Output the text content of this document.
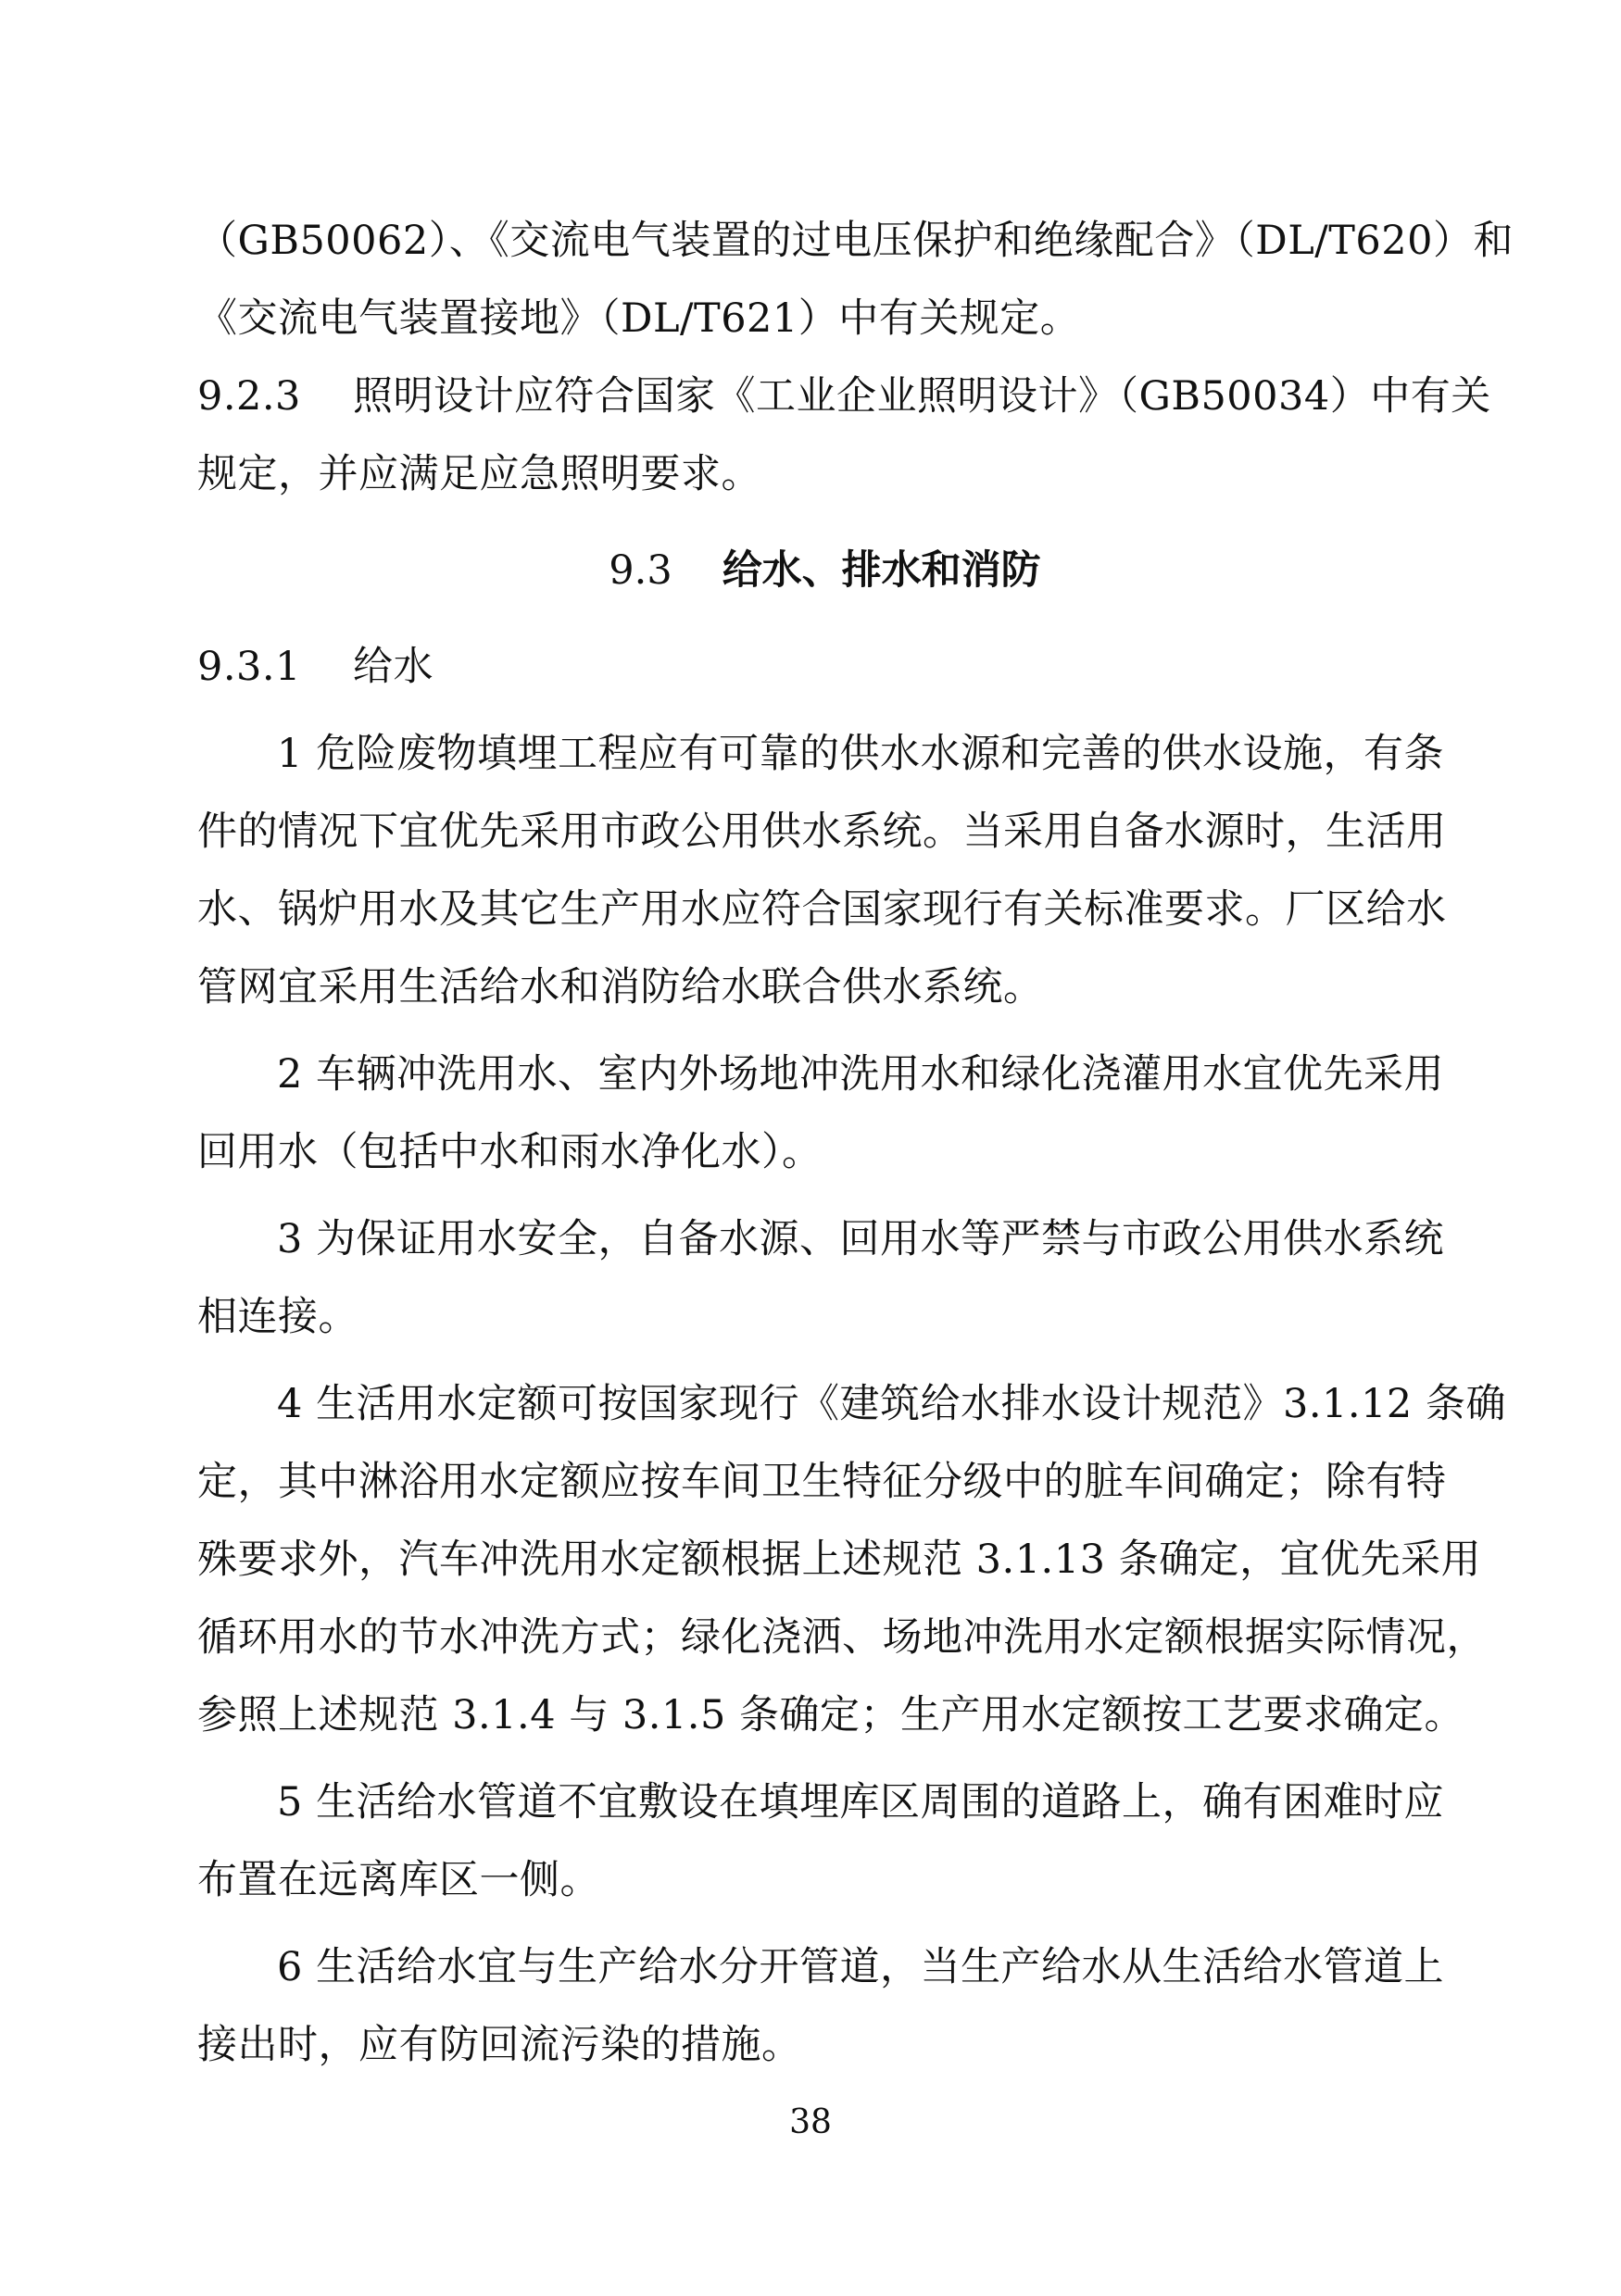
（GB50062）、《交流电气装置的过电压保护和绝缘配合》（DL/T620）和
《交流电气装置接地》（DL/T621）中有关规定。
9.2.3 照明设计应符合国家《工业企业照明设计》（GB50034）中有关
规定，并应满足应急照明要求。
9.3 给水、排水和消防
9.3.1 给水
1 危险废物填埋工程应有可靠的供水水源和完善的供水设施，有条
件的情况下宜优先采用市政公用供水系统。当采用自备水源时，生活用
水、锅炉用水及其它生产用水应符合国家现行有关标准要求。厂区给水
管网宜采用生活给水和消防给水联合供水系统。
2 车辆冲洗用水、室内外场地冲洗用水和绿化浇灌用水宜优先采用
回用水（包括中水和雨水净化水）。
3 为保证用水安全，自备水源、回用水等严禁与市政公用供水系统
相连接。
4 生活用水定额可按国家现行《建筑给水排水设计规范》3.1.12 条确
定，其中淋浴用水定额应按车间卫生特征分级中的脏车间确定；除有特
殊要求外，汽车冲洗用水定额根据上述规范 3.1.13 条确定，宜优先采用
循环用水的节水冲洗方式；绿化浇洒、场地冲洗用水定额根据实际情况，
参照上述规范 3.1.4 与 3.1.5 条确定；生产用水定额按工艺要求确定。
5 生活给水管道不宜敷设在填埋库区周围的道路上，确有困难时应
布置在远离库区一侧。
6 生活给水宜与生产给水分开管道，当生产给水从生活给水管道上
接出时，应有防回流污染的措施。
38
